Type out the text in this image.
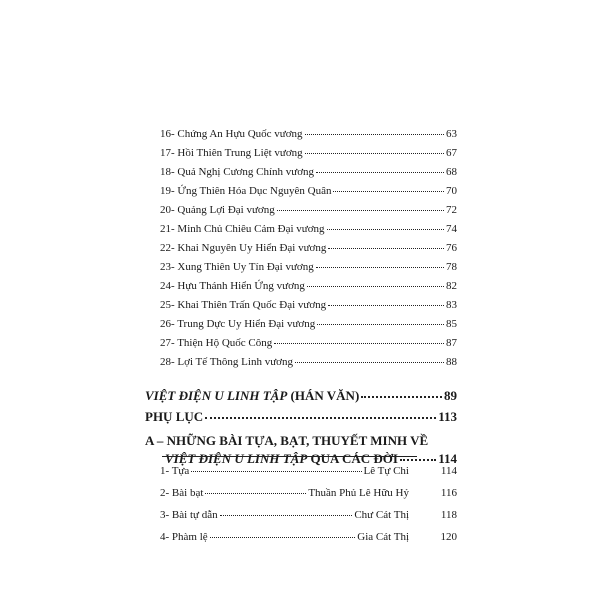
16- Chứng An Hựu Quốc vương	63
17- Hồi Thiên Trung Liệt vương	67
18- Quả Nghị Cương Chính vương	68
19- Ứng Thiên Hóa Dục Nguyên Quân	70
20- Quảng Lợi Đại vương	72
21- Minh Chủ Chiêu Cảm Đại vương	74
22- Khai Nguyên Uy Hiển Đại vương	76
23- Xung Thiên Uy Tín Đại vương	78
24- Hựu Thánh Hiển Ứng vương	82
25- Khai Thiên Trấn Quốc Đại vương	83
26- Trung Dực Uy Hiển Đại vương	85
27- Thiện Hộ Quốc Công	87
28- Lợi Tế Thông Linh vương	88
VIỆT ĐIỆN U LINH TẬP (HÁN VĂN)	89
PHỤ LỤC	113
A – NHỮNG BÀI TỰA, BẠT, THUYẾT MINH VỀ
VIỆT ĐIỆN U LINH TẬP QUA CÁC ĐỜI	114
1- Tựa	Lê Tự Chi	114
2- Bài bạt	Thuần Phủ Lê Hữu Hỷ	116
3- Bài tự dẫn	Chư Cát Thị	118
4- Phàm lệ	Gia Cát Thị	120
